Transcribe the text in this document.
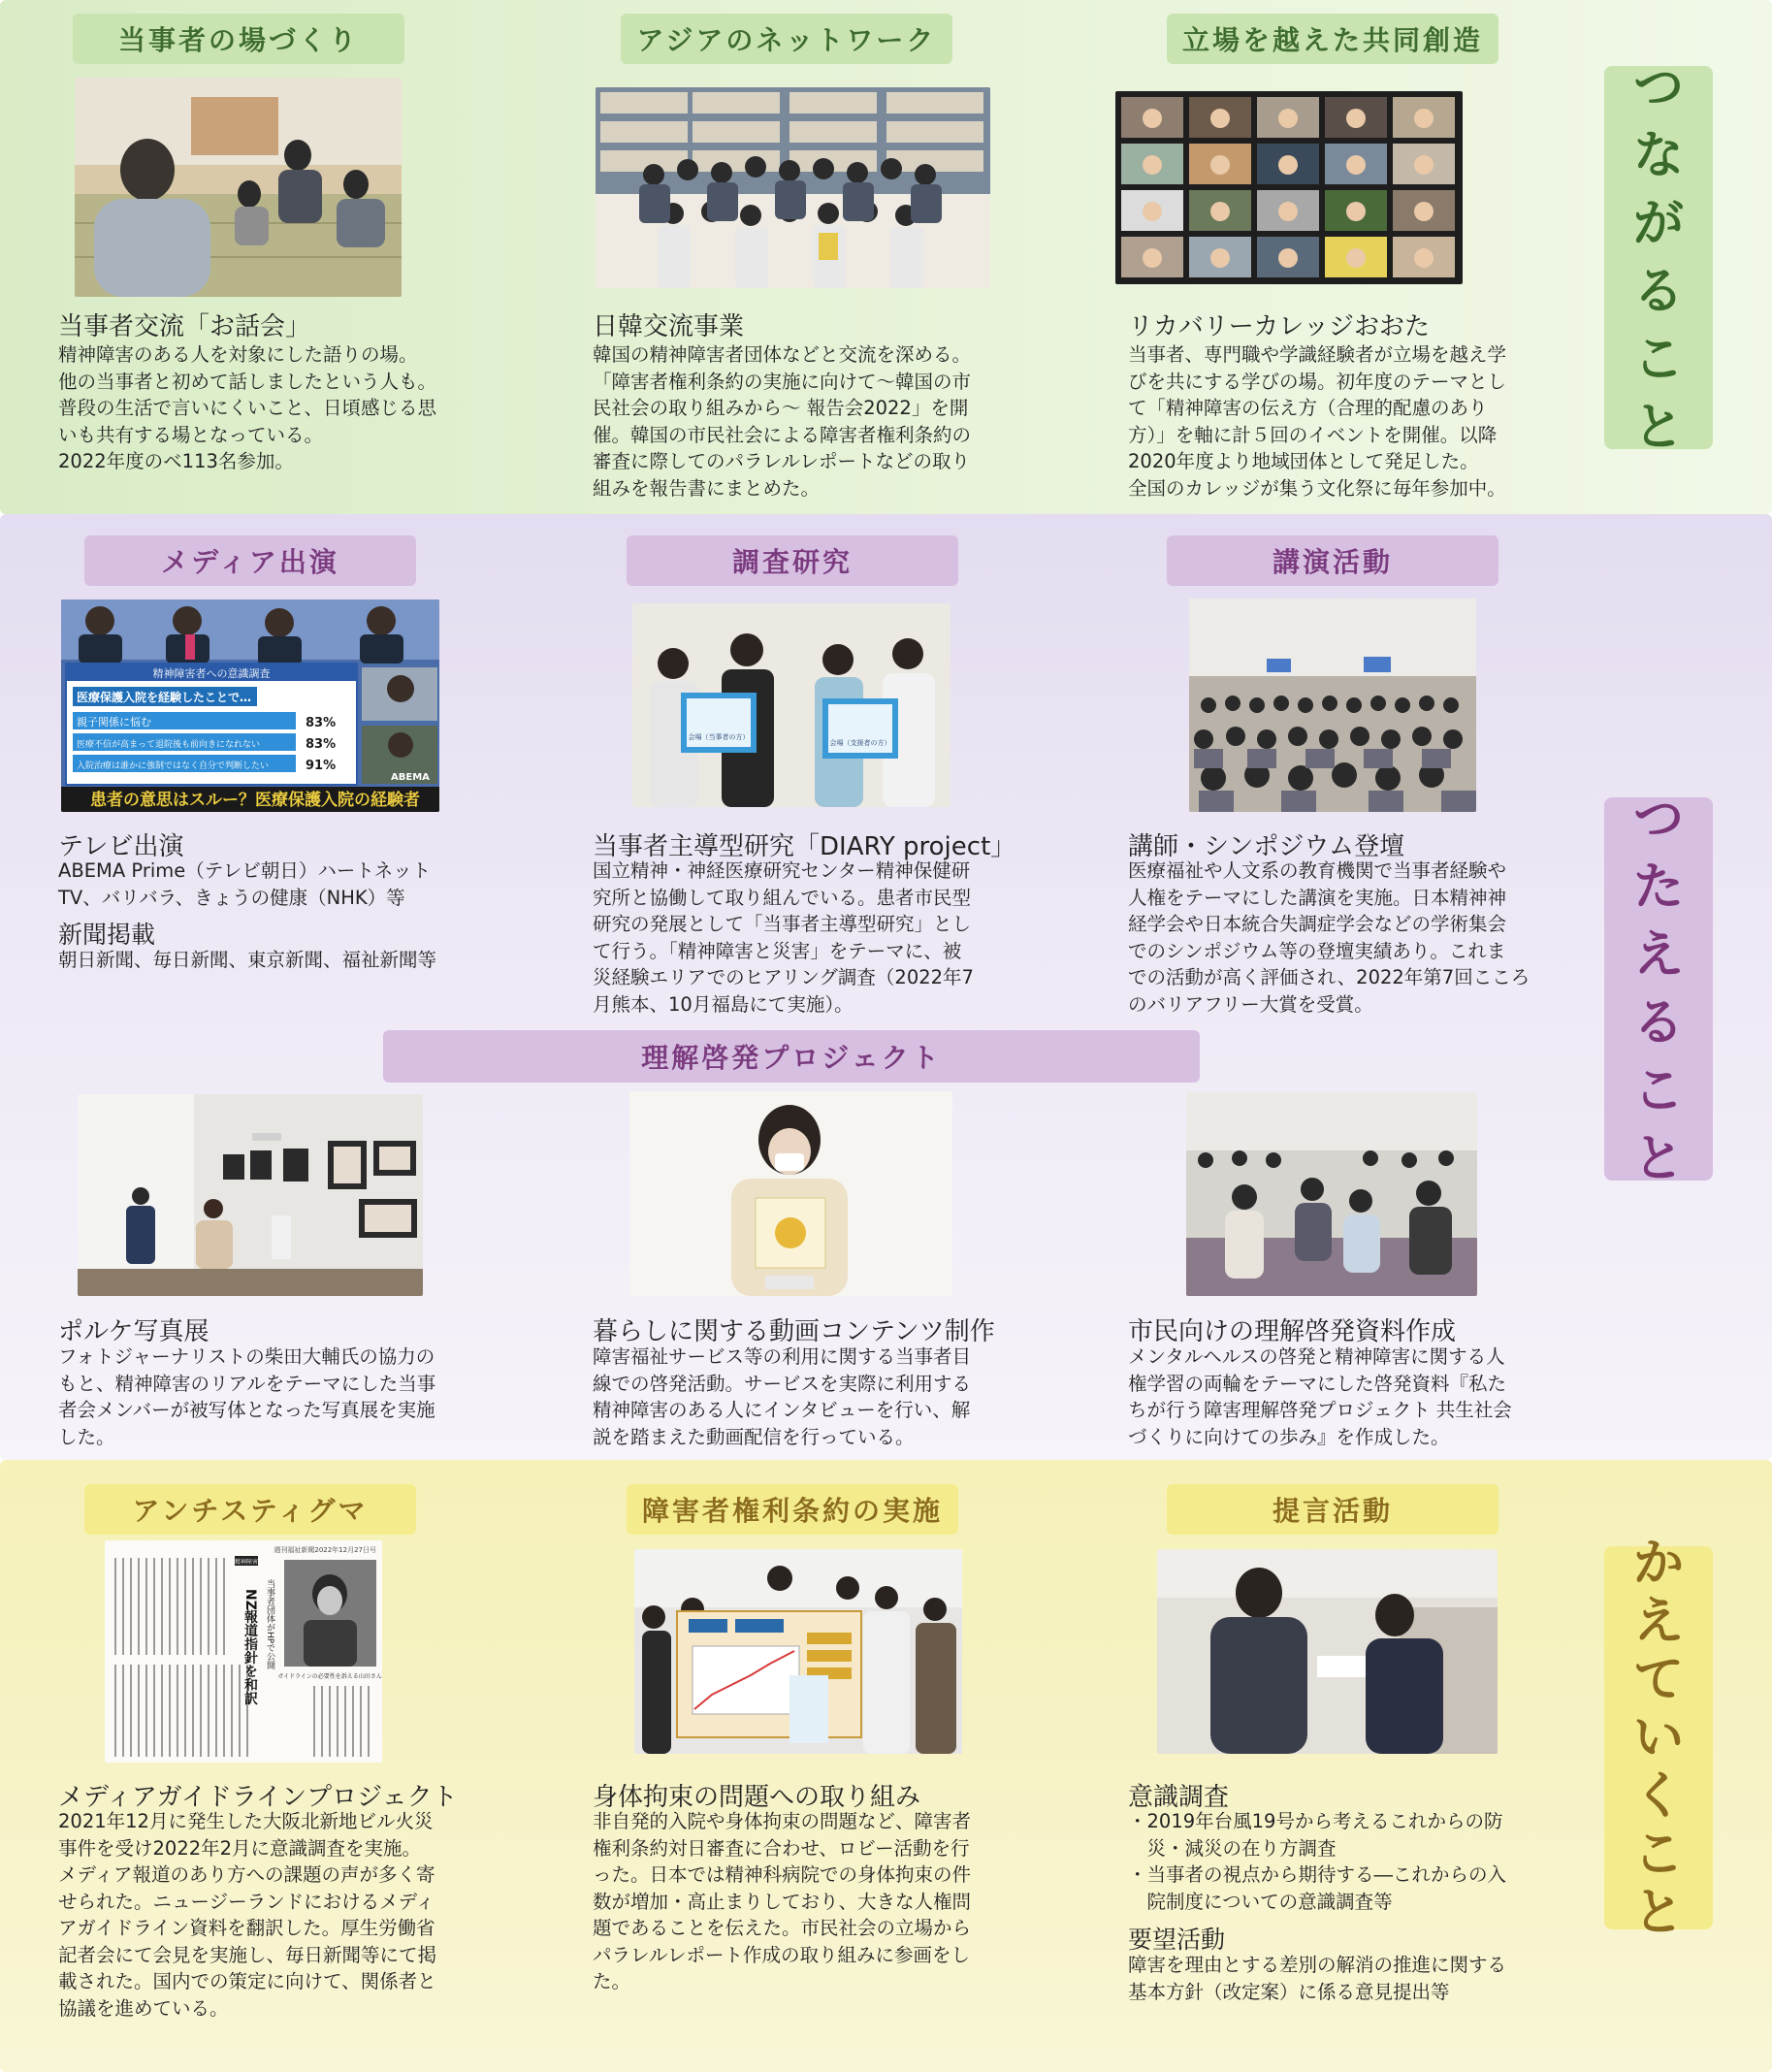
つ
な
が
る
こ
と
つ
た
え
る
こ
と
か
え
て
い
く
こ
と
当事者の場づくり	アジアのネットワーク	立場を越えた共同創造
当事者交流「お話会」
精神障害のある人を対象にした語りの場。
他の当事者と初めて話しましたという人も。
普段の生活で言いにくいこと、日頃感じる思
いも共有する場となっている。
2022年度のベ113名参加。
日韓交流事業
韓国の精神障害者団体などと交流を深める。
「障害者権利条約の実施に向けて〜韓国の市
民社会の取り組みから〜 報告会2022」を開
催。韓国の市民社会による障害者権利条約の
審査に際してのパラレルレポートなどの取り
組みを報告書にまとめた。
リカバリーカレッジおおた
当事者、専門職や学識経験者が立場を越え学
びを共にする学びの場。初年度のテーマとし
て「精神障害の伝え方（合理的配慮のあり
方）」を軸に計５回のイベントを開催。以降
2020年度より地域団体として発足した。
全国のカレッジが集う文化祭に毎年参加中。
メディア出演	調査研究	講演活動
精神障害者への意識調査
医療保護入院を経験したことで…
親子関係に悩む	83%
医療不信が高まって退院後も前向きになれない	83%
入院治療は誰かに強制ではなく自分で判断したい	91%
患者の意思はスルー？医療保護入院の経験者
ABEMA
会場（当事者の方）
会場（支援者の方）
テレビ出演
ABEMA Prime（テレビ朝日）ハートネット
TV、バリバラ、きょうの健康（NHK）等
新聞掲載
朝日新聞、毎日新聞、東京新聞、福祉新聞等
当事者主導型研究「DIARY project」
国立精神・神経医療研究センター精神保健研
究所と協働して取り組んでいる。患者市民型
研究の発展として「当事者主導型研究」とし
て行う。「精神障害と災害」をテーマに、被
災経験エリアでのヒアリング調査（2022年7
月熊本、10月福島にて実施）。
講師・シンポジウム登壇
医療福祉や人文系の教育機関で当事者経験や
人権をテーマにした講演を実施。日本精神神
経学会や日本統合失調症学会などの学術集会
でのシンポジウム等の登壇実績あり。これま
での活動が高く評価され、2022年第7回こころ
のバリアフリー大賞を受賞。
理解啓発プロジェクト
ポルケ写真展
フォトジャーナリストの柴田大輔氏の協力の
もと、精神障害のリアルをテーマにした当事
者会メンバーが被写体となった写真展を実施
した。
暮らしに関する動画コンテンツ制作
障害福祉サービス等の利用に関する当事者目
線での啓発活動。サービスを実際に利用する
精神障害のある人にインタビューを行い、解
説を踏まえた動画配信を行っている。
市民向けの理解啓発資料作成
メンタルヘルスの啓発と精神障害に関する人
権学習の両輪をテーマにした啓発資料『私た
ちが行う障害理解啓発プロジェクト 共生社会
づくりに向けての歩み』を作成した。
アンチスティグマ	障害者権利条約の実施	提言活動
週刊福祉新聞2022年12月27日号
精神障害
NZ報道指針を和訳 当事者団体がHPで公開
ガイドラインの必要性を訴える山田さん
メディアガイドラインプロジェクト
2021年12月に発生した大阪北新地ビル火災
事件を受け2022年2月に意識調査を実施。
メディア報道のあり方への課題の声が多く寄
せられた。ニュージーランドにおけるメディ
アガイドライン資料を翻訳した。厚生労働省
記者会にて会見を実施し、毎日新聞等にて掲
載された。国内での策定に向けて、関係者と
協議を進めている。
身体拘束の問題への取り組み
非自発的入院や身体拘束の問題など、障害者
権利条約対日審査に合わせ、ロビー活動を行
った。日本では精神科病院での身体拘束の件
数が増加・高止まりしており、大きな人権問
題であることを伝えた。市民社会の立場から
パラレルレポート作成の取り組みに参画をし
た。
意識調査
・2019年台風19号から考えるこれからの防
　災・減災の在り方調査
・当事者の視点から期待する―これからの入
　院制度についての意識調査等
要望活動
障害を理由とする差別の解消の推進に関する
基本方針（改定案）に係る意見提出等
